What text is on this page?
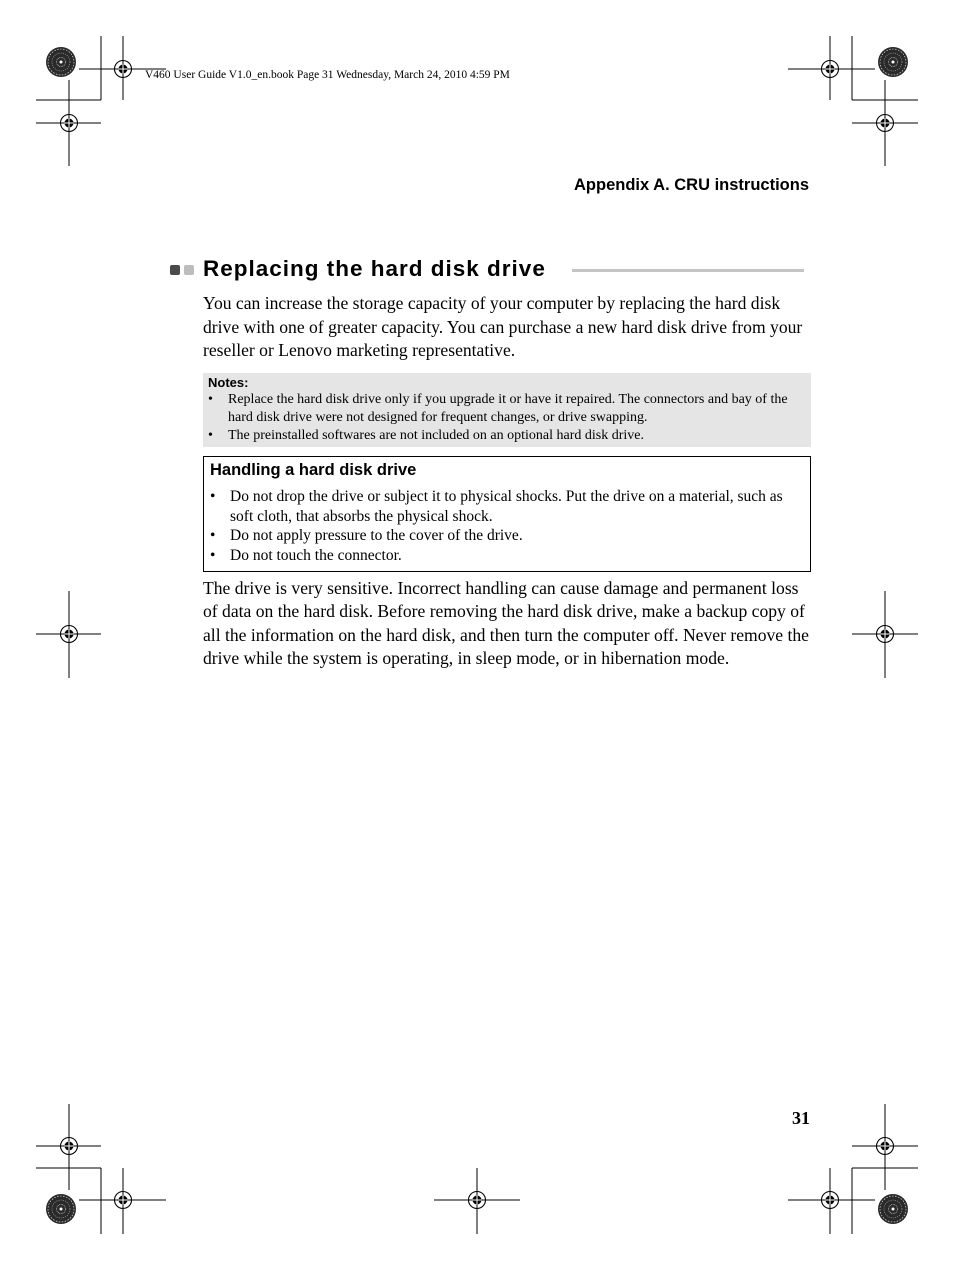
V460 User Guide V1.0_en.book Page 31 Wednesday, March 24, 2010 4:59 PM
Appendix A. CRU instructions
Replacing the hard disk drive

You can increase the storage capacity of your computer by replacing the hard disk drive with one of greater capacity. You can purchase a new hard disk drive from your reseller or Lenovo marketing representative.

Notes:
• Replace the hard disk drive only if you upgrade it or have it repaired. The connectors and bay of the hard disk drive were not designed for frequent changes, or drive swapping.
• The preinstalled softwares are not included on an optional hard disk drive.
Handling a hard disk drive
• Do not drop the drive or subject it to physical shocks. Put the drive on a material, such as soft cloth, that absorbs the physical shock.
• Do not apply pressure to the cover of the drive.
• Do not touch the connector.

The drive is very sensitive. Incorrect handling can cause damage and permanent loss of data on the hard disk. Before removing the hard disk drive, make a backup copy of all the information on the hard disk, and then turn the computer off. Never remove the drive while the system is operating, in sleep mode, or in hibernation mode.

31
